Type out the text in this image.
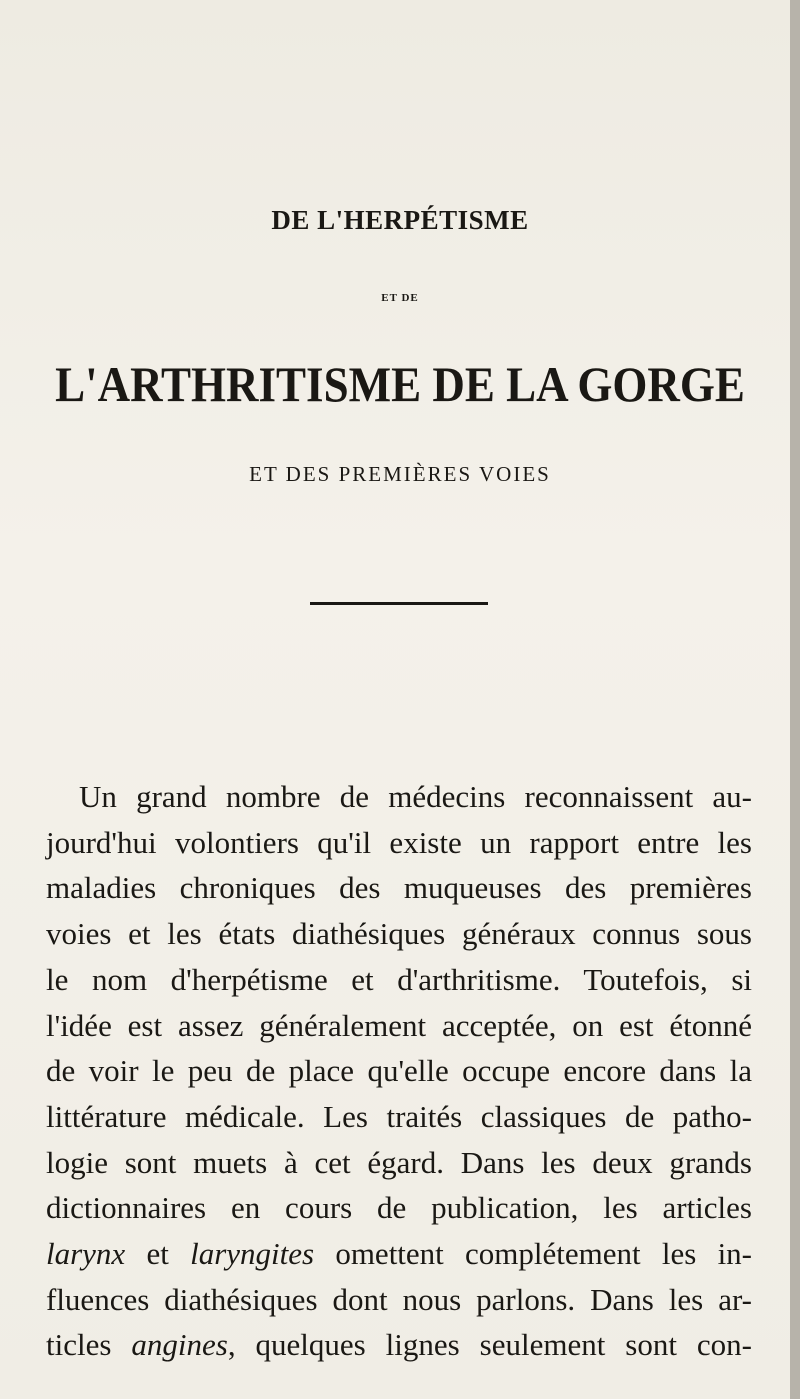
DE L'HERPÉTISME
ET DE
L'ARTHRITISME DE LA GORGE
ET DES PREMIÈRES VOIES
Un grand nombre de médecins reconnaissent au-
jourd'hui volontiers qu'il existe un rapport entre les
maladies chroniques des muqueuses des premières
voies et les états diathésiques généraux connus sous
le nom d'herpétisme et d'arthritisme. Toutefois, si
l'idée est assez généralement acceptée, on est étonné
de voir le peu de place qu'elle occupe encore dans la
littérature médicale. Les traités classiques de patho-
logie sont muets à cet égard. Dans les deux grands
dictionnaires en cours de publication, les articles
larynx et laryngites omettent complétement les in-
fluences diathésiques dont nous parlons. Dans les ar-
ticles angines, quelques lignes seulement sont con-
